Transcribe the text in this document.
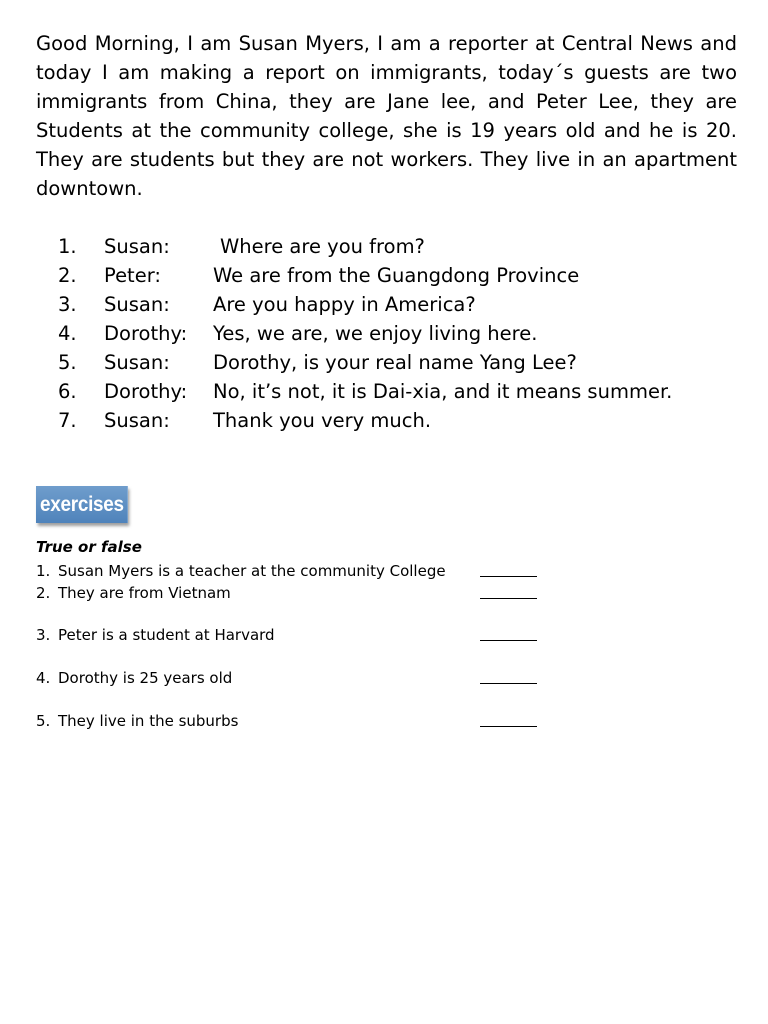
Good Morning, I am Susan Myers, I am a reporter at Central News and today I am making a report on immigrants, today´s guests are two immigrants from China, they are Jane lee, and Peter Lee, they are Students at the community college, she is 19 years old and he is 20. They are students but they are not workers. They live in an apartment downtown.

1. Susan:	Where are you from?
2. Peter:	We are from the Guangdong Province
3. Susan: Are you happy in America?
4. Dorothy: Yes, we are, we enjoy living here.
5. Susan: Dorothy, is your real name Yang Lee?
6. Dorothy: No, it’s not, it is Dai-xia, and it means summer.
7. Susan: Thank you very much.
exercises

True or false

1. Susan Myers is a teacher at the community College
2. They are from Vietnam
3. Peter is a student at Harvard
4. Dorothy is 25 years old
5. They live in the suburbs
